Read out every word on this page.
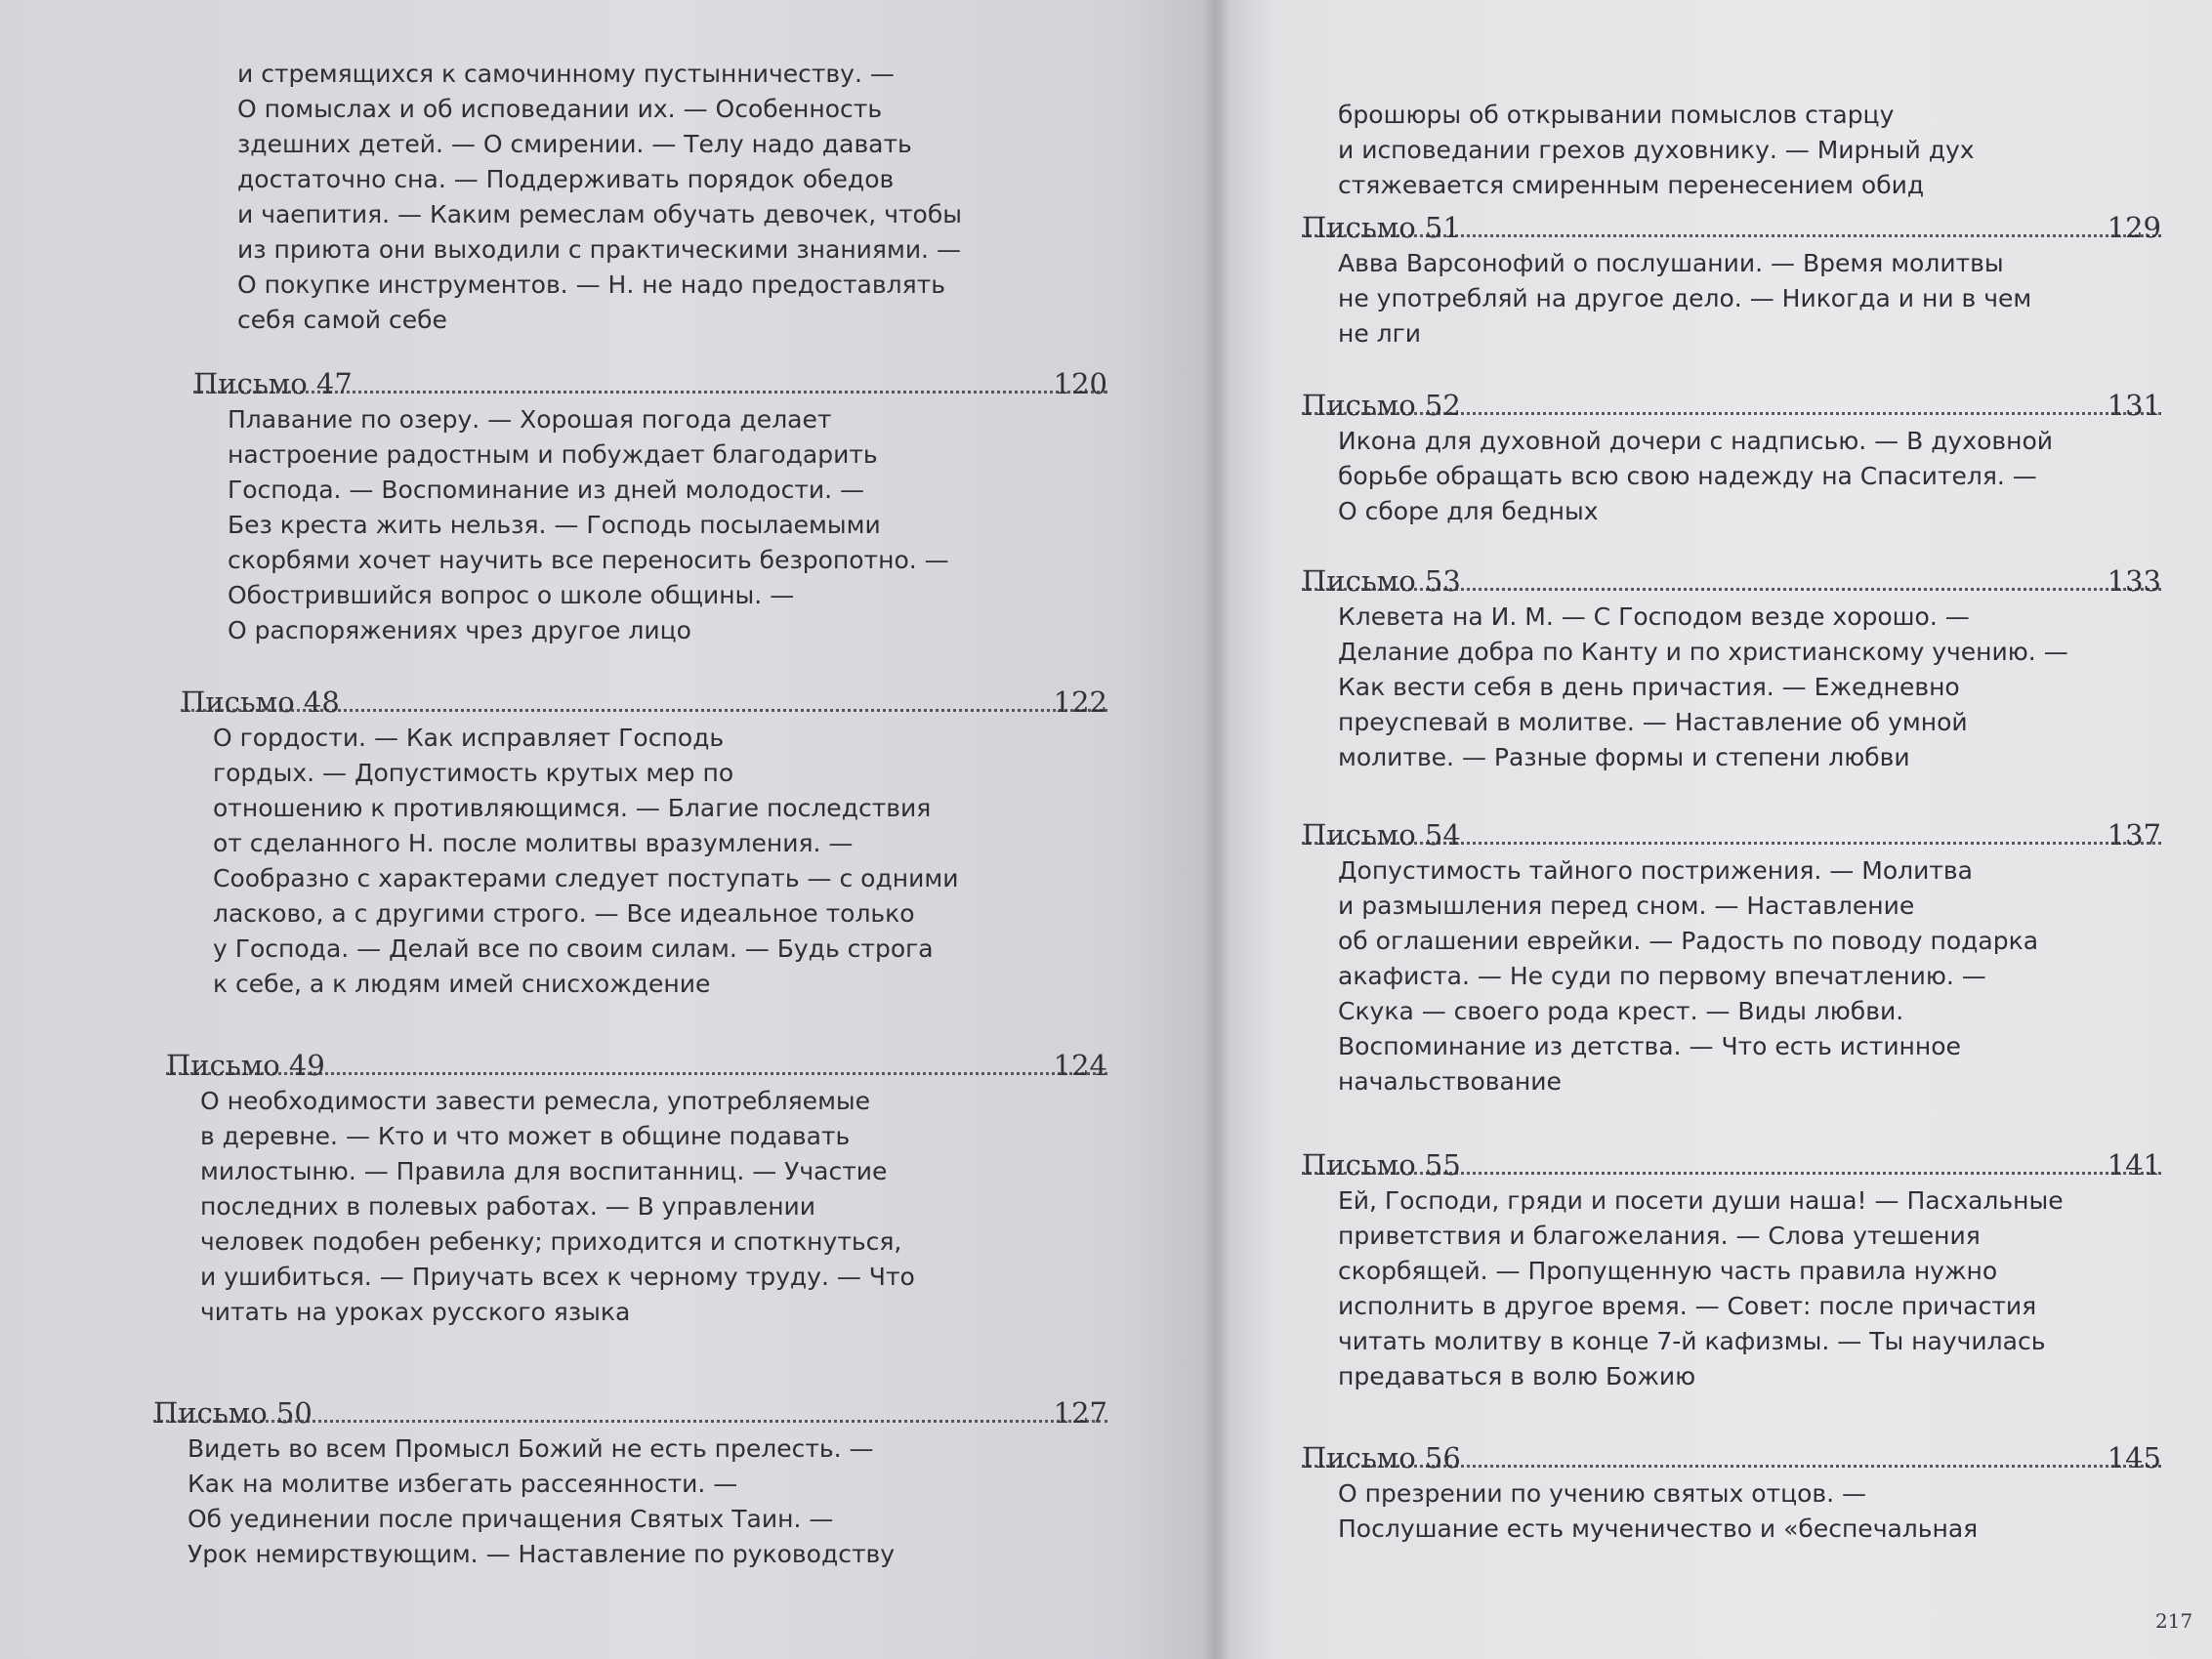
и стремящихся к самочинному пустынничеству. —
О помыслах и об исповедании их. — Особенность
здешних детей. — О смирении. — Телу надо давать
достаточно сна. — Поддерживать порядок обедов
и чаепития. — Каким ремеслам обучать девочек, чтобы
из приюта они выходили с практическими знаниями. —
О покупке инструментов. — Н. не надо предоставлять
себя самой себе

Письмо 47	120

Плавание по озеру. — Хорошая погода делает
настроение радостным и побуждает благодарить
Господа. — Воспоминание из дней молодости. —
Без креста жить нельзя. — Господь посылаемыми
скорбями хочет научить все переносить безропотно. —
Обострившийся вопрос о школе общины. —
О распоряжениях чрез другое лицо

Письмо 48	122

О гордости. — Как исправляет Господь
гордых. — Допустимость крутых мер по
отношению к противляющимся. — Благие последствия
от сделанного Н. после молитвы вразумления. —
Сообразно с характерами следует поступать — с одними
ласково, а с другими строго. — Все идеальное только
у Господа. — Делай все по своим силам. — Будь строга
к себе, а к людям имей снисхождение

Письмо 49	124

О необходимости завести ремесла, употребляемые
в деревне. — Кто и что может в общине подавать
милостыню. — Правила для воспитанниц. — Участие
последних в полевых работах. — В управлении
человек подобен ребенку; приходится и споткнуться,
и ушибиться. — Приучать всех к черному труду. — Что
читать на уроках русского языка

Письмо 50	127

Видеть во всем Промысл Божий не есть прелесть. —
Как на молитве избегать рассеянности. —
Об уединении после причащения Святых Таин. —
Урок немирствующим. — Наставление по руководству

брошюры об открывании помыслов старцу
и исповедании грехов духовнику. — Мирный дух
стяжевается смиренным перенесением обид

Письмо 51	129

Авва Варсонофий о послушании. — Время молитвы
не употребляй на другое дело. — Никогда и ни в чем
не лги

Письмо 52	131

Икона для духовной дочери с надписью. — В духовной
борьбе обращать всю свою надежду на Спасителя. —
О сборе для бедных

Письмо 53	133

Клевета на И. М. — С Господом везде хорошо. —
Делание добра по Канту и по христианскому учению. —
Как вести себя в день причастия. — Ежедневно
преуспевай в молитве. — Наставление об умной
молитве. — Разные формы и степени любви

Письмо 54	137

Допустимость тайного пострижения. — Молитва
и размышления перед сном. — Наставление
об оглашении еврейки. — Радость по поводу подарка
акафиста. — Не суди по первому впечатлению. —
Скука — своего рода крест. — Виды любви.
Воспоминание из детства. — Что есть истинное
начальствование

Письмо 55	141

Ей, Господи, гряди и посети души наша! — Пасхальные
приветствия и благожелания. — Слова утешения
скорбящей. — Пропущенную часть правила нужно
исполнить в другое время. — Совет: после причастия
читать молитву в конце 7-й кафизмы. — Ты научилась
предаваться в волю Божию

Письмо 56	145

О презрении по учению святых отцов. —
Послушание есть мученичество и «беспечальная

217
